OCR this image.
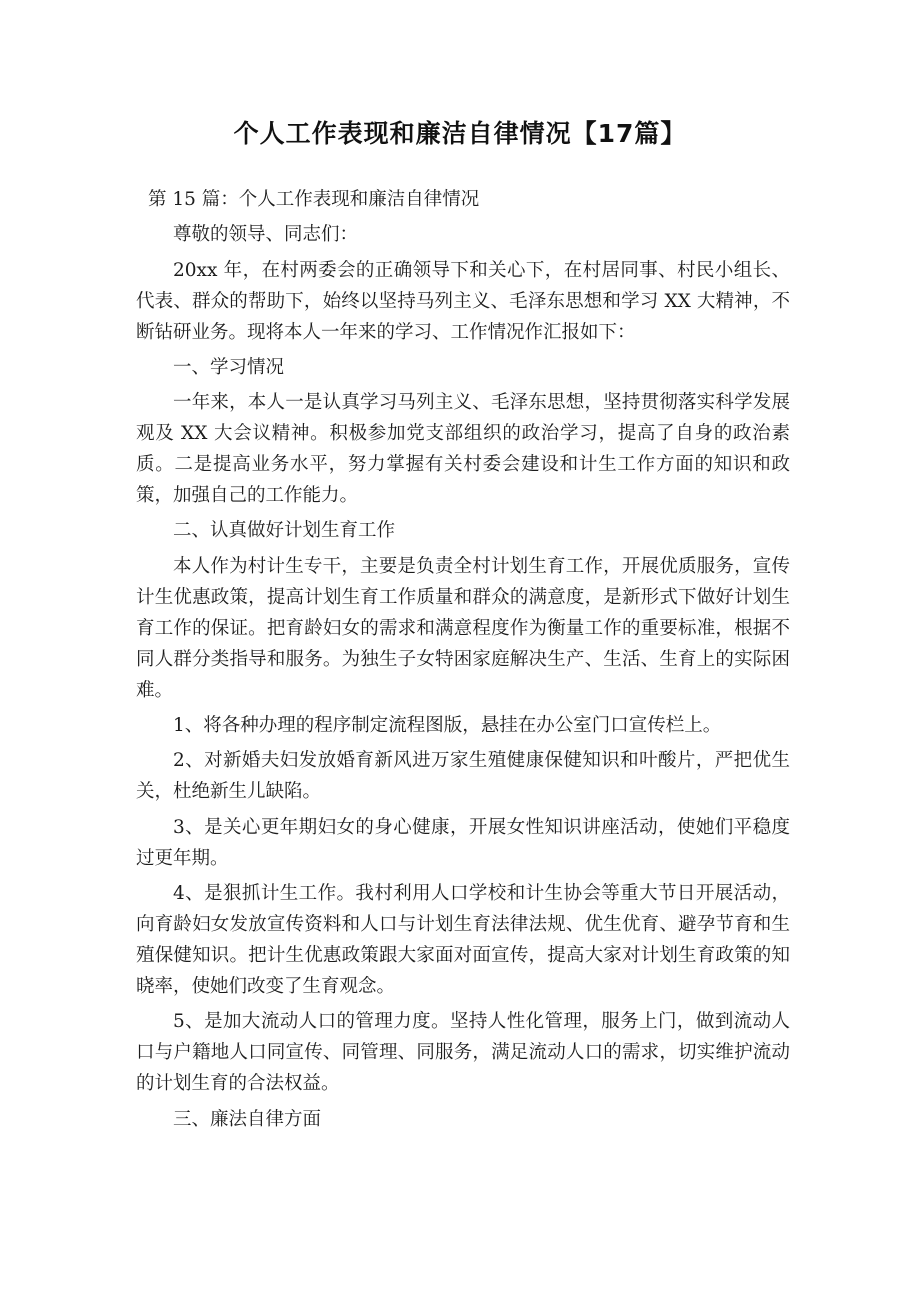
个人工作表现和廉洁自律情况【17篇】

第 15 篇：个人工作表现和廉洁自律情况

尊敬的领导、同志们：

20xx 年，在村两委会的正确领导下和关心下，在村居同事、村民小组长、代表、群众的帮助下，始终以坚持马列主义、毛泽东思想和学习 XX 大精神，不断钻研业务。现将本人一年来的学习、工作情况作汇报如下：

一、学习情况

一年来，本人一是认真学习马列主义、毛泽东思想，坚持贯彻落实科学发展观及 XX 大会议精神。积极参加党支部组织的政治学习，提高了自身的政治素质。二是提高业务水平，努力掌握有关村委会建设和计生工作方面的知识和政策，加强自己的工作能力。

二、认真做好计划生育工作

本人作为村计生专干，主要是负责全村计划生育工作，开展优质服务，宣传计生优惠政策，提高计划生育工作质量和群众的满意度，是新形式下做好计划生育工作的保证。把育龄妇女的需求和满意程度作为衡量工作的重要标准，根据不同人群分类指导和服务。为独生子女特困家庭解决生产、生活、生育上的实际困难。

1、将各种办理的程序制定流程图版，悬挂在办公室门口宣传栏上。

2、对新婚夫妇发放婚育新风进万家生殖健康保健知识和叶酸片，严把优生关，杜绝新生儿缺陷。

3、是关心更年期妇女的身心健康，开展女性知识讲座活动，使她们平稳度过更年期。

4、是狠抓计生工作。我村利用人口学校和计生协会等重大节日开展活动，向育龄妇女发放宣传资料和人口与计划生育法律法规、优生优育、避孕节育和生殖保健知识。把计生优惠政策跟大家面对面宣传，提高大家对计划生育政策的知晓率，使她们改变了生育观念。

5、是加大流动人口的管理力度。坚持人性化管理，服务上门，做到流动人口与户籍地人口同宣传、同管理、同服务，满足流动人口的需求，切实维护流动的计划生育的合法权益。

三、廉法自律方面
